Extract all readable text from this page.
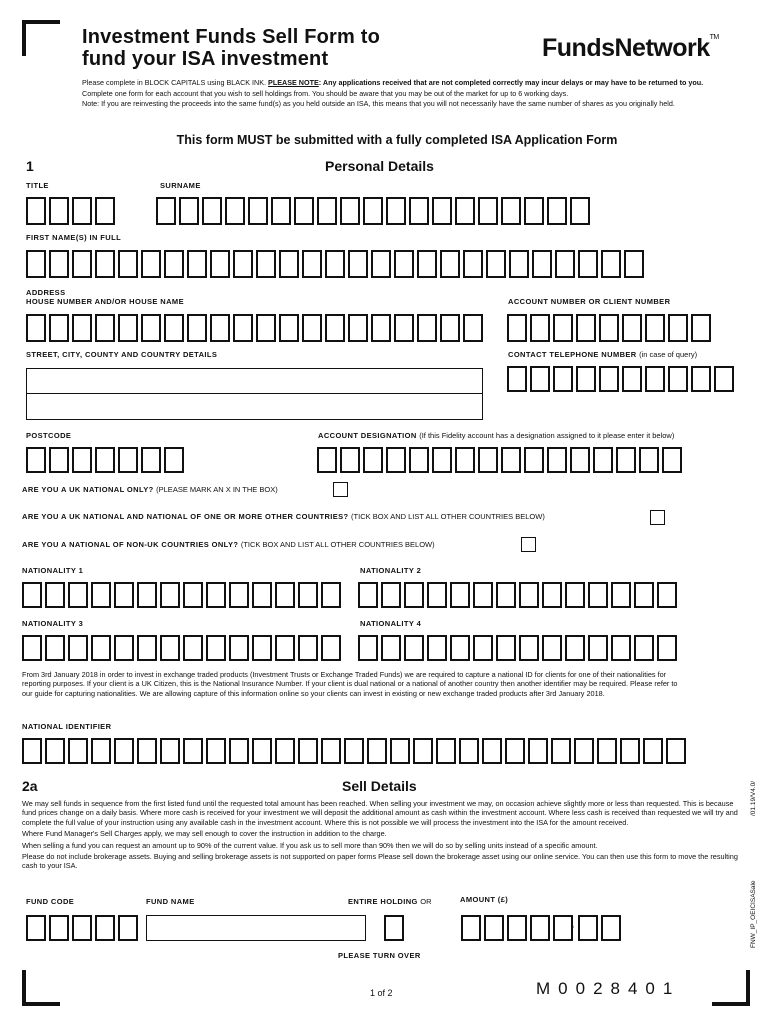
Investment Funds Sell Form to
fund your ISA investment	FundsNetwork™
Please complete in BLOCK CAPITALS using BLACK INK. PLEASE NOTE: Any applications received that are not completed correctly may incur delays or may have to be returned to you.
Complete one form for each account that you wish to sell holdings from. You should be aware that you may be out of the market for up to 6 working days.
Note: If you are reinvesting the proceeds into the same fund(s) as you held outside an ISA, this means that you will not necessarily have the same number of shares as you originally held.
This form MUST be submitted with a fully completed ISA Application Form
1	Personal Details
TITLE	SURNAME
FIRST NAME(S) IN FULL
ADDRESS
HOUSE NUMBER AND/OR HOUSE NAME	ACCOUNT NUMBER OR CLIENT NUMBER
STREET, CITY, COUNTY AND COUNTRY DETAILS	CONTACT TELEPHONE NUMBER (in case of query)
POSTCODE	ACCOUNT DESIGNATION (If this Fidelity account has a designation assigned to it please enter it below)
ARE YOU A UK NATIONAL ONLY? (PLEASE MARK AN X IN THE BOX)
ARE YOU A UK NATIONAL AND NATIONAL OF ONE OR MORE OTHER COUNTRIES? (TICK BOX AND LIST ALL OTHER COUNTRIES BELOW)
ARE YOU A NATIONAL OF NON-UK COUNTRIES ONLY? (TICK BOX AND LIST ALL OTHER COUNTRIES BELOW)
NATIONALITY 1	NATIONALITY 2
NATIONALITY 3	NATIONALITY 4
From 3rd January 2018 in order to invest in exchange traded products (Investment Trusts or Exchange Traded Funds) we are required to capture a national ID for clients for one of their nationalities for reporting purposes. If your client is a UK Citizen, this is the National Insurance Number. If your client is dual national or a national of another country then another identifier may be required. Please refer to our guide for capturing nationalities. We are allowing capture of this information online so your clients can invest in existing or new exchange traded products after 3rd January 2018.
NATIONAL IDENTIFIER
2a	Sell Details
We may sell funds in sequence from the first listed fund until the requested total amount has been reached. When selling your investment we may, on occasion achieve slightly more or less than requested. This is because fund prices change on a daily basis. Where more cash is received for your investment we will deposit the additional amount as cash within the investment account. Where less cash is received than requested we will try and complete the full value of your instruction using any available cash in the investment account. Where this is not possible we will process the investment into the ISA for the amount received.
Where Fund Manager's Sell Charges apply, we may sell enough to cover the instruction in addition to the charge.
When selling a fund you can request an amount up to 90% of the current value. If you ask us to sell more than 90% then we will do so by selling units instead of a specific amount.
Please do not include brokerage assets. Buying and selling brokerage assets is not supported on paper forms Please sell down the brokerage asset using our online service. You can then use this form to move the resulting cash to your ISA.
FUND CODE	FUND NAME	ENTIRE HOLDING OR	AMOUNT (£)
.
PLEASE TURN OVER
1 of 2	M0028401
FNW_IP_OEICISASale
/01.19/V4.0/
